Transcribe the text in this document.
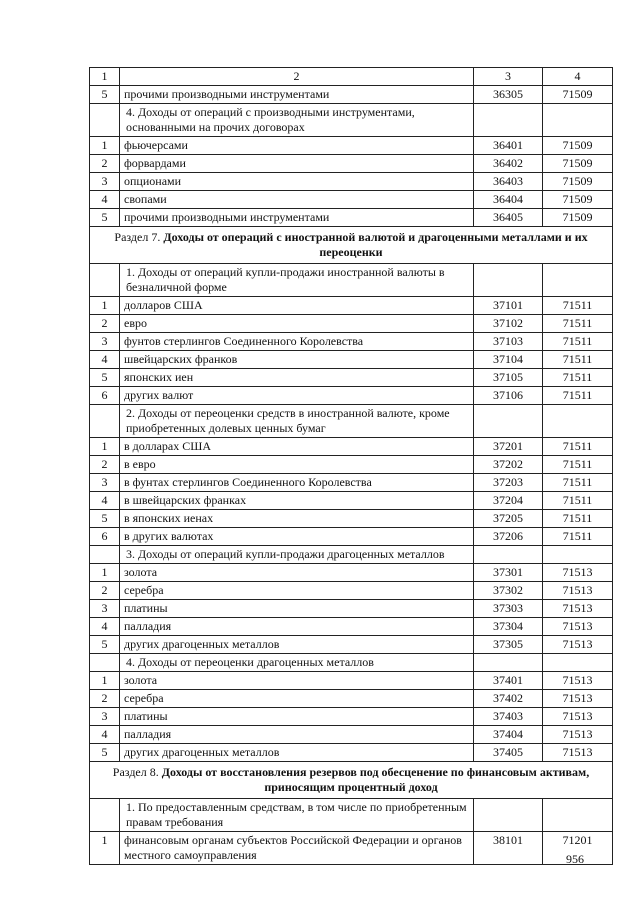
1	2	3	4
5	прочими производными инструментами	36305	71509
	4. Доходы от операций с производными инструментами, основанными на прочих договорах		
1	фьючерсами	36401	71509
2	форвардами	36402	71509
3	опционами	36403	71509
4	свопами	36404	71509
5	прочими производными инструментами	36405	71509
Раздел 7. Доходы от операций с иностранной валютой и драгоценными металлами и их переоценки			
	1. Доходы от операций купли-продажи иностранной валюты в безналичной форме		
1	долларов США	37101	71511
2	евро	37102	71511
3	фунтов стерлингов Соединенного Королевства	37103	71511
4	швейцарских франков	37104	71511
5	японских иен	37105	71511
6	других валют	37106	71511
	2. Доходы от переоценки средств в иностранной валюте, кроме приобретенных долевых ценных бумаг		
1	в долларах США	37201	71511
2	в евро	37202	71511
3	в фунтах стерлингов Соединенного Королевства	37203	71511
4	в швейцарских франках	37204	71511
5	в японских иенах	37205	71511
6	в других валютах	37206	71511
	3. Доходы от операций купли-продажи драгоценных металлов		
1	золота	37301	71513
2	серебра	37302	71513
3	платины	37303	71513
4	палладия	37304	71513
5	других драгоценных металлов	37305	71513
	4. Доходы от переоценки драгоценных металлов		
1	золота	37401	71513
2	серебра	37402	71513
3	платины	37403	71513
4	палладия	37404	71513
5	других драгоценных металлов	37405	71513
Раздел 8. Доходы от восстановления резервов под обесценение по финансовым активам, приносящим процентный доход			
	1. По предоставленным средствам, в том числе по приобретенным правам требования		
1	финансовым органам субъектов Российской Федерации и органов местного самоуправления	38101	71201
956
